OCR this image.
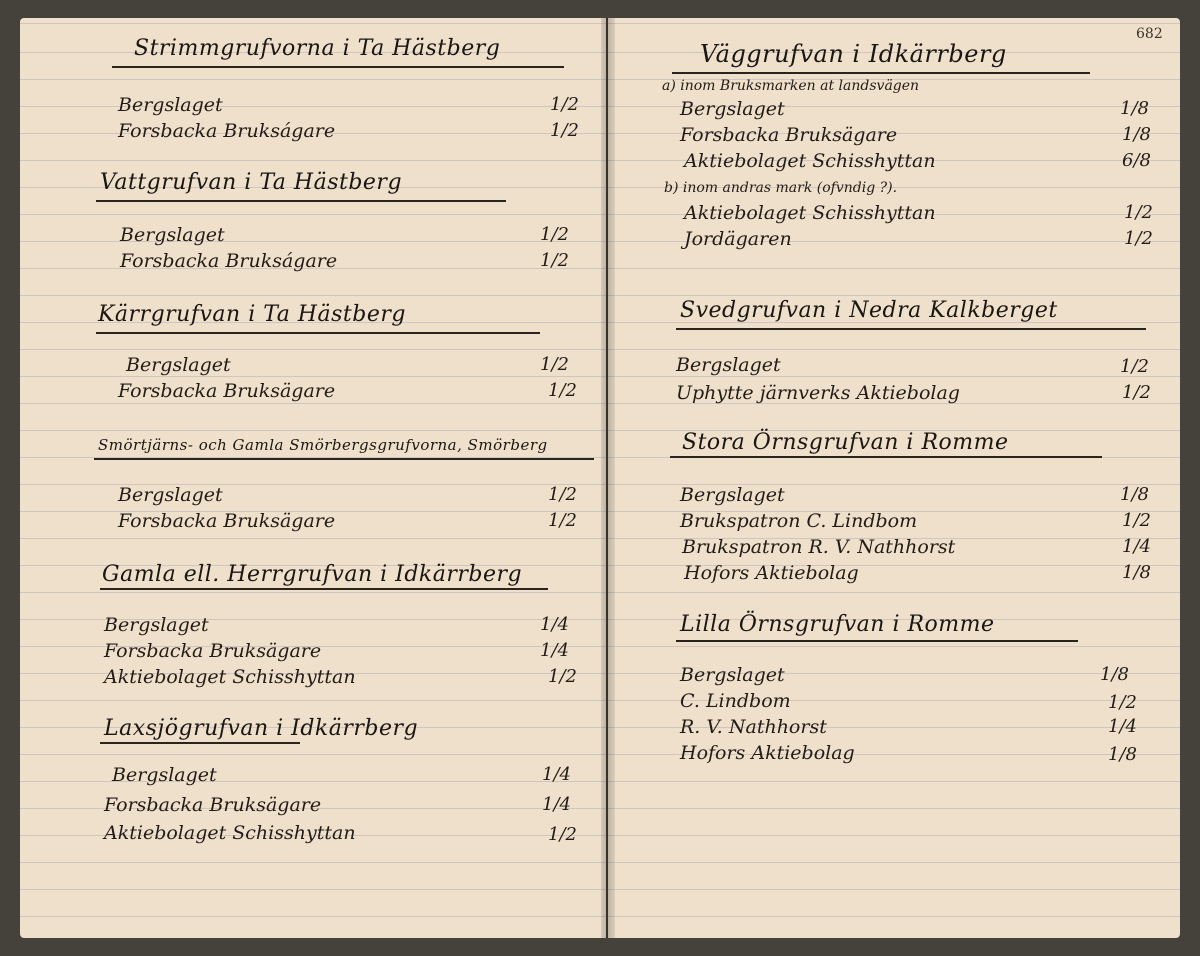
682
Strimmgrufvorna i Ta Hästberg
Bergslaget	1/2
Forsbacka Brukságare	1/2
Vattgrufvan i Ta Hästberg
Bergslaget	1/2
Forsbacka Brukságare	1/2
Kärrgrufvan i Ta Hästberg
Bergslaget	1/2
Forsbacka Bruksägare	1/2
Smörtjärns- och Gamla Smörbergsgrufvorna, Smörberg
Bergslaget	1/2
Forsbacka Bruksägare	1/2
Gamla ell. Herrgrufvan i Idkärrberg
Bergslaget	1/4
Forsbacka Bruksägare	1/4
Aktiebolaget Schisshyttan	1/2
Laxsjögrufvan i Idkärrberg
Bergslaget	1/4
Forsbacka Bruksägare	1/4
Aktiebolaget Schisshyttan	1/2
Väggrufvan i Idkärrberg
a) inom Bruksmarken at landsvägen
Bergslaget	1/8
Forsbacka Bruksägare	1/8
Aktiebolaget Schisshyttan	6/8
b) inom andras mark (ofvndig ?).
Aktiebolaget Schisshyttan	1/2
Jordägaren	1/2
Svedgrufvan i Nedra Kalkberget
Bergslaget	1/2
Uphytte järnverks Aktiebolag	1/2
Stora Örnsgrufvan i Romme
Bergslaget	1/8
Brukspatron C. Lindbom	1/2
Brukspatron R. V. Nathhorst	1/4
Hofors Aktiebolag	1/8
Lilla Örnsgrufvan i Romme
Bergslaget	1/8
C. Lindbom	1/2
R. V. Nathhorst	1/4
Hofors Aktiebolag	1/8
